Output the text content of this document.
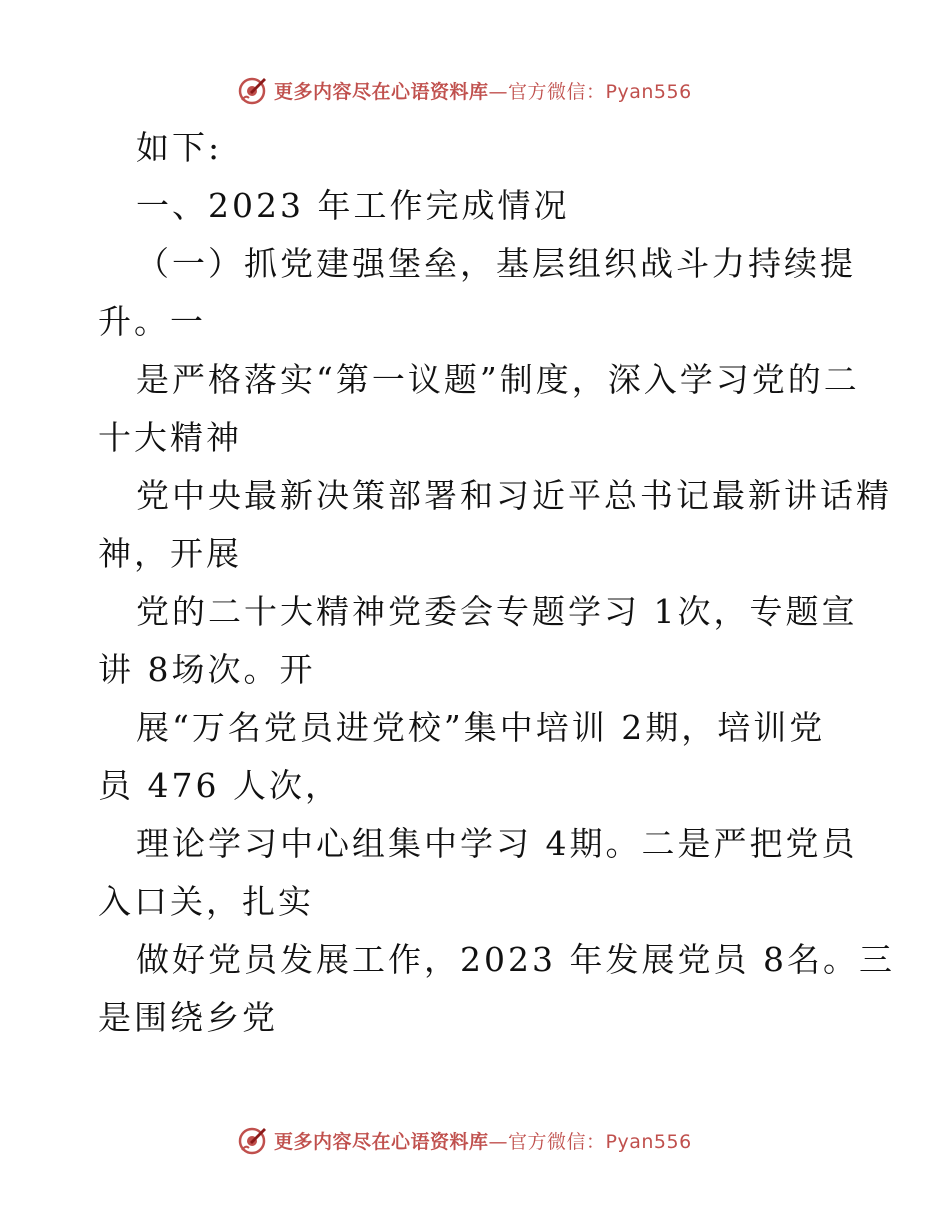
更多内容尽在心语资料库 —官方微信：Pyan556
如下:
一、2023 年工作完成情况
（一）抓党建强堡垒，基层组织战斗力持续提
升。一
是严格落实“第一议题”制度，深入学习党的二
十大精神
党中央最新决策部署和习近平总书记最新讲话精
神，开展
党的二十大精神党委会专题学习 1次，专题宣
讲 8场次。开
展“万名党员进党校”集中培训 2期，培训党
员 476 人次，
理论学习中心组集中学习 4期。二是严把党员
入口关，扎实
做好党员发展工作，2023 年发展党员 8名。三
是围绕乡党
更多内容尽在心语资料库 —官方微信：Pyan556
